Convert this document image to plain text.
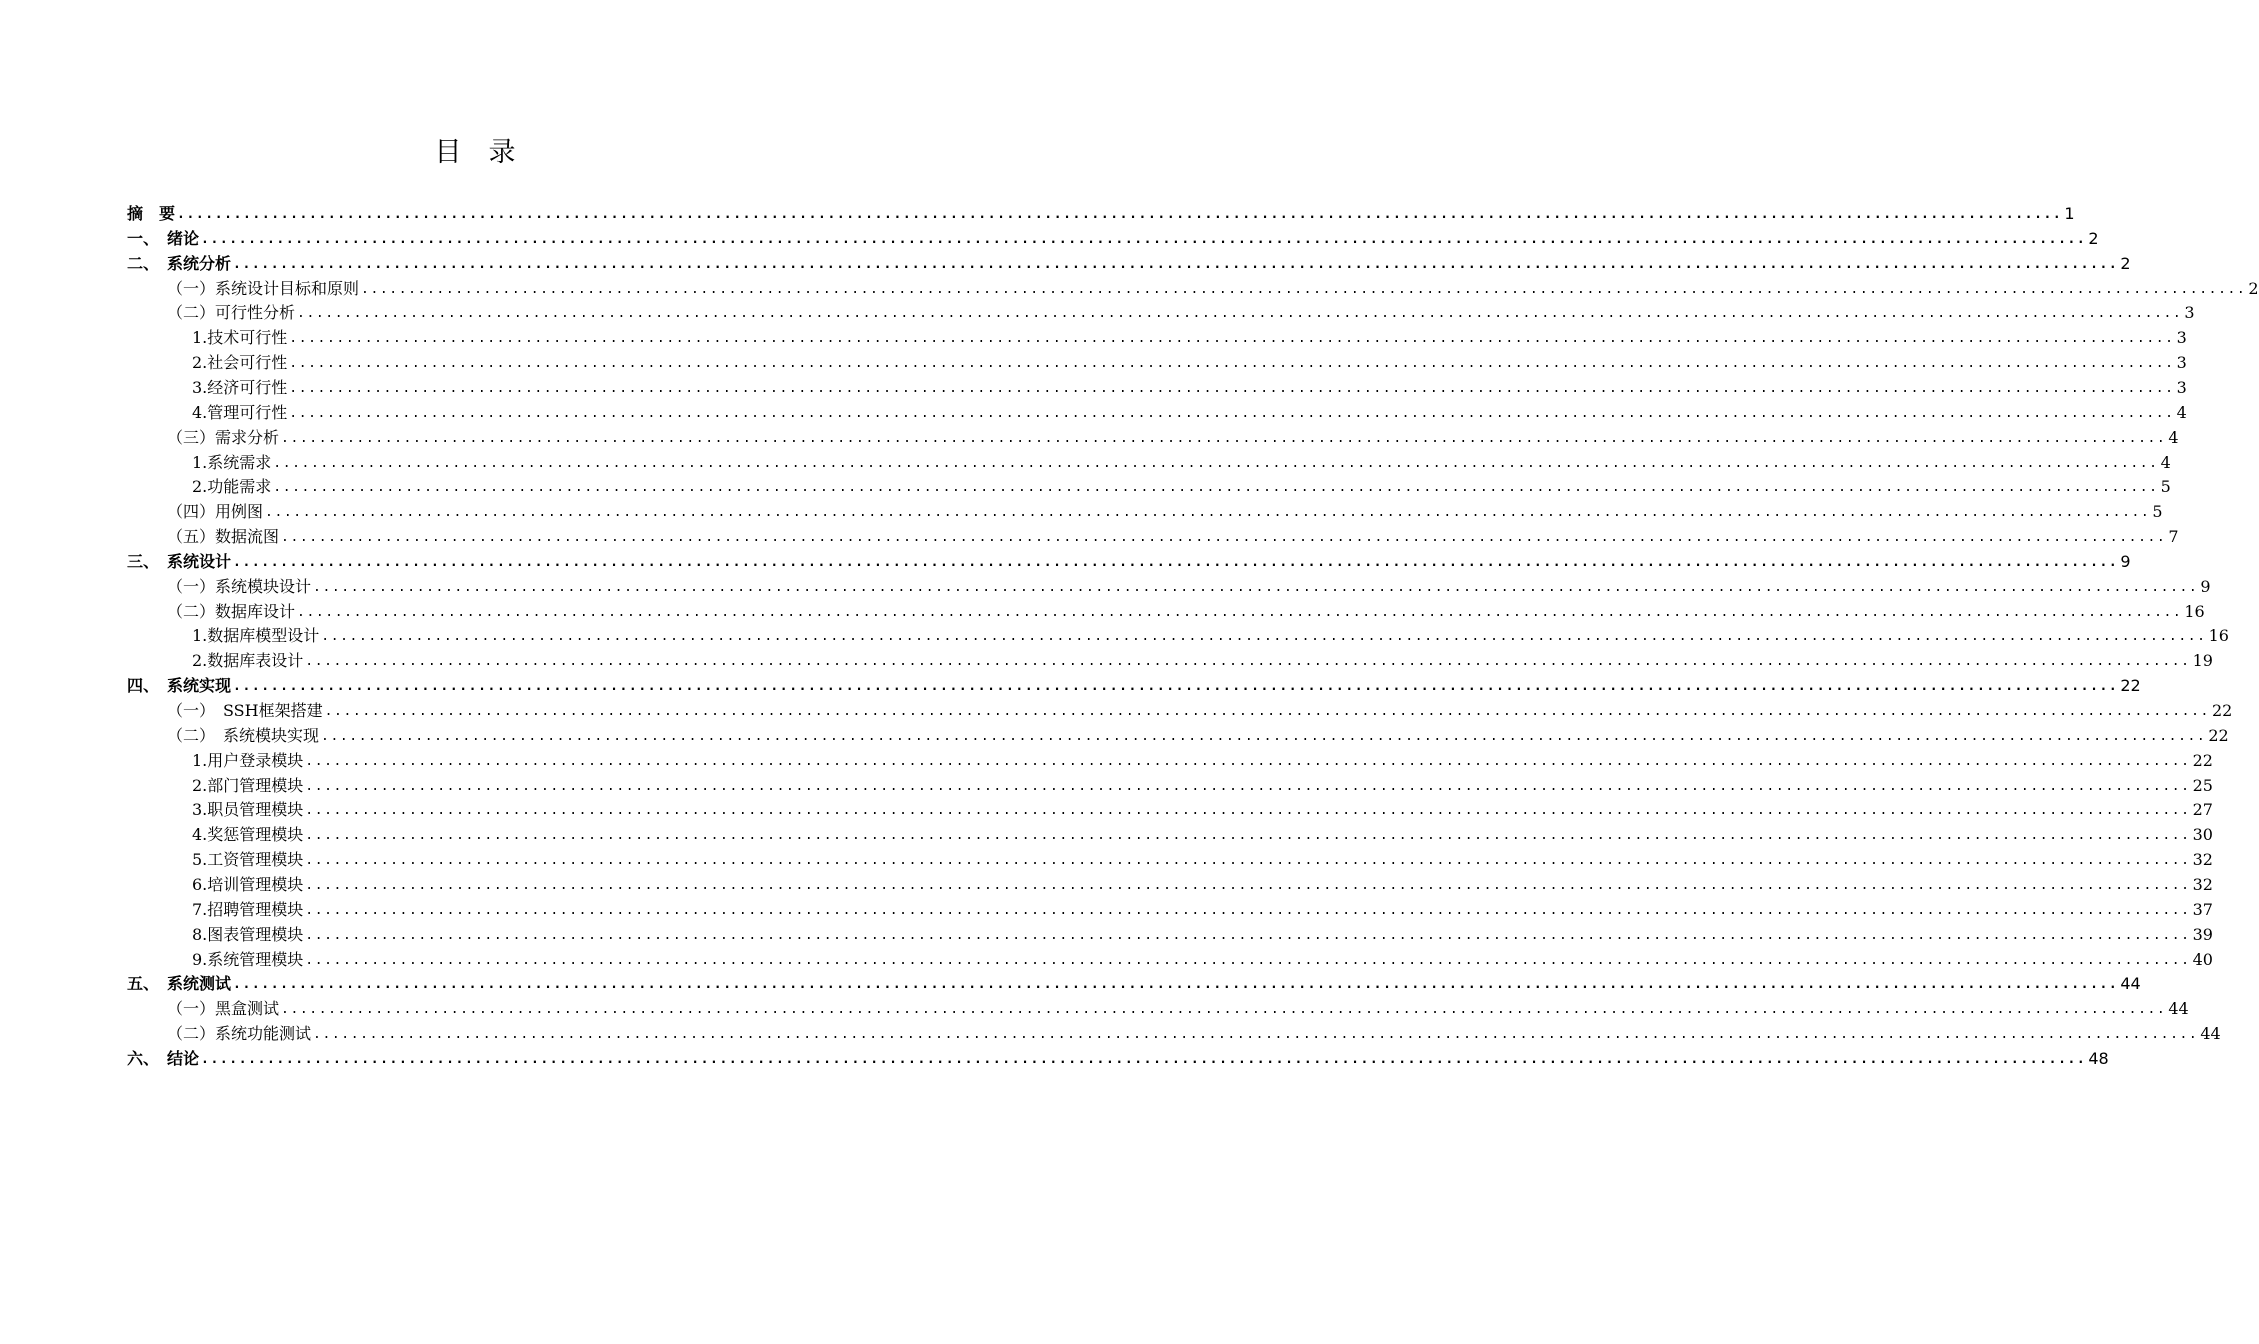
目　录
摘　要 ........................................................................................................................................................................................................ 1
一、　绪论 ........................................................................................................................................................................................................ 2
二、　系统分析 ........................................................................................................................................................................................................ 2
（一）系统设计目标和原则 ........................................................................................................................................................................................................ 2
（二）可行性分析 ........................................................................................................................................................................................................ 3
1.技术可行性 ........................................................................................................................................................................................................ 3
2.社会可行性 ........................................................................................................................................................................................................ 3
3.经济可行性 ........................................................................................................................................................................................................ 3
4.管理可行性 ........................................................................................................................................................................................................ 4
（三）需求分析 ........................................................................................................................................................................................................ 4
1.系统需求 ........................................................................................................................................................................................................ 4
2.功能需求 ........................................................................................................................................................................................................ 5
（四）用例图 ........................................................................................................................................................................................................ 5
（五）数据流图 ........................................................................................................................................................................................................ 7
三、　系统设计 ........................................................................................................................................................................................................ 9
（一）系统模块设计 ........................................................................................................................................................................................................ 9
（二）数据库设计 ........................................................................................................................................................................................................ 16
1.数据库模型设计 ........................................................................................................................................................................................................ 16
2.数据库表设计 ........................................................................................................................................................................................................ 19
四、　系统实现 ........................................................................................................................................................................................................ 22
（一）　SSH框架搭建 ........................................................................................................................................................................................................ 22
（二）　系统模块实现 ........................................................................................................................................................................................................ 22
1.用户登录模块 ........................................................................................................................................................................................................ 22
2.部门管理模块 ........................................................................................................................................................................................................ 25
3.职员管理模块 ........................................................................................................................................................................................................ 27
4.奖惩管理模块 ........................................................................................................................................................................................................ 30
5.工资管理模块 ........................................................................................................................................................................................................ 32
6.培训管理模块 ........................................................................................................................................................................................................ 32
7.招聘管理模块 ........................................................................................................................................................................................................ 37
8.图表管理模块 ........................................................................................................................................................................................................ 39
9.系统管理模块 ........................................................................................................................................................................................................ 40
五、　系统测试 ........................................................................................................................................................................................................ 44
（一）黑盒测试 ........................................................................................................................................................................................................ 44
（二）系统功能测试 ........................................................................................................................................................................................................ 44
六、　结论 ........................................................................................................................................................................................................ 48
